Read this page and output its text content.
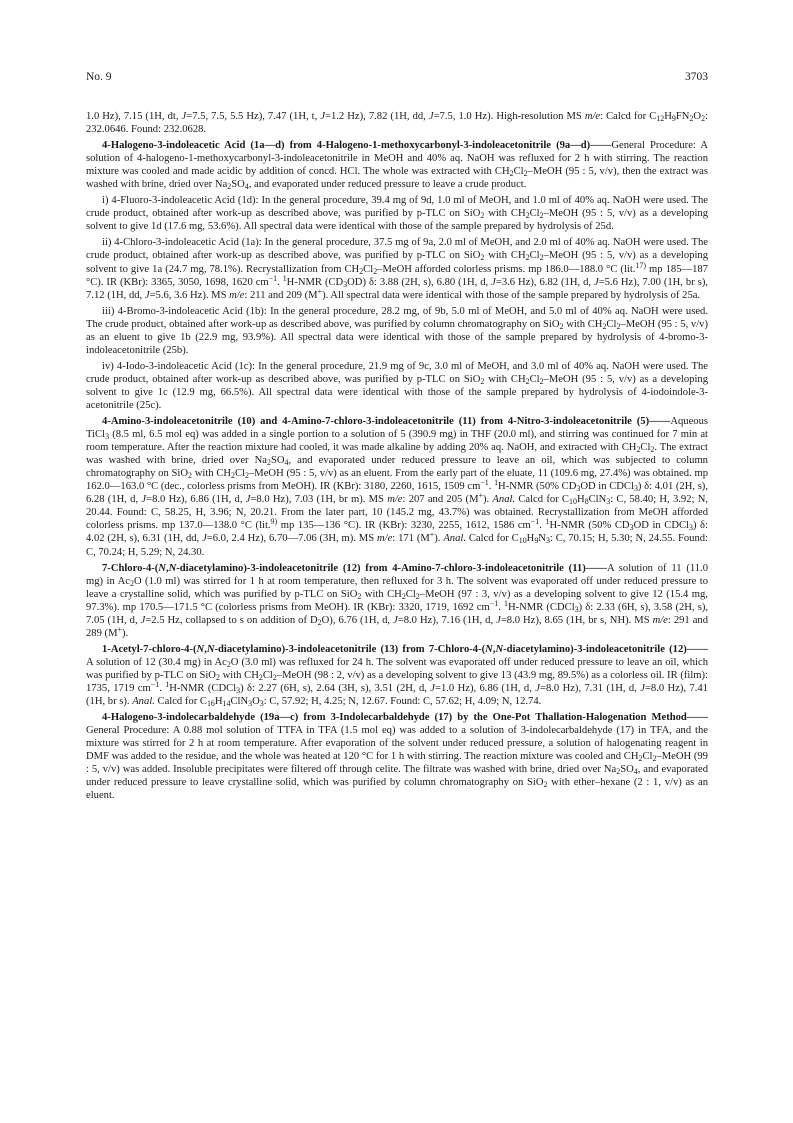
No. 9	3703

1.0 Hz), 7.15 (1H, dt, J=7.5, 7.5, 5.5 Hz), 7.47 (1H, t, J=1.2 Hz), 7.82 (1H, dd, J=7.5, 1.0 Hz). High-resolution MS m/e: Calcd for $C_{12}H_9FN_2O_2$: 232.0646. Found: 232.0628.

4-Halogeno-3-indoleacetic Acid (1a—d) from 4-Halogeno-1-methoxycarbonyl-3-indoleacetonitrile (9a—d)——General Procedure: A solution of 4-halogeno-1-methoxycarbonyl-3-indoleacetonitrile in MeOH and 40% aq. NaOH was refluxed for 2 h with stirring. The reaction mixture was cooled and made acidic by addition of concd. HCl. The whole was extracted with $CH_2Cl_2$–MeOH (95 : 5, v/v), then the extract was washed with brine, dried over $Na_2SO_4$, and evaporated under reduced pressure to leave a crude product.

i) 4-Fluoro-3-indoleacetic Acid (1d): In the general procedure, 39.4 mg of 9d, 1.0 ml of MeOH, and 1.0 ml of 40% aq. NaOH were used. The crude product, obtained after work-up as described above, was purified by p-TLC on SiO$_2$ with $CH_2Cl_2$–MeOH (95 : 5, v/v) as a developing solvent to give 1d (17.6 mg, 53.6%). All spectral data were identical with those of the sample prepared by hydrolysis of 25d.

ii) 4-Chloro-3-indoleacetic Acid (1a): In the general procedure, 37.5 mg of 9a, 2.0 ml of MeOH, and 2.0 ml of 40% aq. NaOH were used. The crude product, obtained after work-up as described above, was purified by p-TLC on SiO$_2$ with $CH_2Cl_2$–MeOH (95 : 5, v/v) as a developing solvent to give 1a (24.7 mg, 78.1%). Recrystallization from $CH_2Cl_2$–MeOH afforded colorless prisms. mp 186.0—188.0 °C (lit.$^{17)}$ mp 185—187 °C). IR (KBr): 3365, 3050, 1698, 1620 $cm^{-1}$. $^1$H-NMR $(CD_3OD)$ δ: 3.88 (2H, s), 6.80 (1H, d, J=3.6 Hz), 6.82 (1H, d, J=5.6 Hz), 7.00 (1H, br s), 7.12 (1H, dd, J=5.6, 3.6 Hz). MS m/e: 211 and 209 (M+). All spectral data were identical with those of the sample prepared by hydrolysis of 25a.

iii) 4-Bromo-3-indoleacetic Acid (1b): In the general procedure, 28.2 mg, of 9b, 5.0 ml of MeOH, and 5.0 ml of 40% aq. NaOH were used. The crude product, obtained after work-up as described above, was purified by column chromatography on SiO$_2$ with $CH_2Cl_2$–MeOH (95 : 5, v/v) as an eluent to give 1b (22.9 mg, 93.9%). All spectral data were identical with those of the sample prepared by hydrolysis of 4-bromo-3-indoleacetonitrile (25b).

iv) 4-Iodo-3-indoleacetic Acid (1c): In the general procedure, 21.9 mg of 9c, 3.0 ml of MeOH, and 3.0 ml of 40% aq. NaOH were used. The crude product, obtained after work-up as described above, was purified by p-TLC on SiO$_2$ with $CH_2Cl_2$–MeOH (95 : 5, v/v) as a developing solvent to give 1c (12.9 mg, 66.5%). All spectral data were identical with those of the sample prepared by hydrolysis of 4-iodoindole-3-acetonitrile (25c).

4-Amino-3-indoleacetonitrile (10) and 4-Amino-7-chloro-3-indoleacetonitrile (11) from 4-Nitro-3-indoleacetonitrile (5)——Aqueous TiCl$_3$ (8.5 ml, 6.5 mol eq) was added in a single portion to a solution of 5 (390.9 mg) in THF (20.0 ml), and stirring was continued for 7 min at room temperature. After the reaction mixture had cooled, it was made alkaline by adding 20% aq. NaOH, and extracted with $CH_2Cl_2$. The extract was washed with brine, dried over $Na_2SO_4$, and evaporated under reduced pressure to leave an oil, which was subjected to column chromatography on SiO$_2$ with $CH_2Cl_2$–MeOH (95 : 5, v/v) as an eluent. From the early part of the eluate, 11 (109.6 mg, 27.4%) was obtained. mp 162.0—163.0 °C (dec., colorless prisms from MeOH). IR (KBr): 3180, 2260, 1615, 1509 $cm^{-1}$. $^1$H-NMR (50% $CD_3OD$ in CDCl$_3$) δ: 4.01 (2H, s), 6.28 (1H, d, J=8.0 Hz), 6.86 (1H, d, J=8.0 Hz), 7.03 (1H, br m). MS m/e: 207 and 205 (M+). Anal. Calcd for $C_{10}H_8ClN_3$: C, 58.40; H, 3.92; N, 20.44. Found: C, 58.25, H, 3.96; N, 20.21. From the later part, 10 (145.2 mg, 43.7%) was obtained. Recrystallization from MeOH afforded colorless prisms. mp 137.0—138.0 °C (lit.$^{9)}$ mp 135—136 °C). IR (KBr): 3230, 2255, 1612, 1586 $cm^{-1}$. $^1$H-NMR (50% $CD_3OD$ in CDCl$_3$) δ: 4.02 (2H, s), 6.31 (1H, dd, J=6.0, 2.4 Hz), 6.70—7.06 (3H, m). MS m/e: 171 (M+). Anal. Calcd for $C_{10}H_9N_3$: C, 70.15; H, 5.30; N, 24.55. Found: C, 70.24; H, 5.29; N, 24.30.

7-Chloro-4-(N,N-diacetylamino)-3-indoleacetonitrile (12) from 4-Amino-7-chloro-3-indoleacetonitrile (11)——A solution of 11 (11.0 mg) in $Ac_2O$ (1.0 ml) was stirred for 1 h at room temperature, then refluxed for 3 h. The solvent was evaporated off under reduced pressure to leave a crystalline solid, which was purified by p-TLC on SiO$_2$ with $CH_2Cl_2$–MeOH (97 : 3, v/v) as a developing solvent to give 12 (15.4 mg, 97.3%). mp 170.5—171.5 °C (colorless prisms from MeOH). IR (KBr): 3320, 1719, 1692 $cm^{-1}$. $^1$H-NMR (CDCl$_3$) δ: 2.33 (6H, s), 3.58 (2H, s), 7.05 (1H, d, J=2.5 Hz, collapsed to s on addition of $D_2O$), 6.76 (1H, d, J=8.0 Hz), 7.16 (1H, d, J=8.0 Hz), 8.65 (1H, br s, NH). MS m/e: 291 and 289 (M+).

1-Acetyl-7-chloro-4-(N,N-diacetylamino)-3-indoleacetonitrile (13) from 7-Chloro-4-(N,N-diacetylamino)-3-indoleacetonitrile (12)——A solution of 12 (30.4 mg) in $Ac_2O$ (3.0 ml) was refluxed for 24 h. The solvent was evaporated off under reduced pressure to leave an oil, which was purified by p-TLC on SiO$_2$ with $CH_2Cl_2$–MeOH (98 : 2, v/v) as a developing solvent to give 13 (43.9 mg, 89.5%) as a colorless oil. IR (film): 1735, 1719 $cm^{-1}$. $^1$H-NMR (CDCl$_3$) δ: 2.27 (6H, s), 2.64 (3H, s), 3.51 (2H, d, J=1.0 Hz), 6.86 (1H, d, J=8.0 Hz), 7.31 (1H, d, J=8.0 Hz), 7.41 (1H, br s). Anal. Calcd for $C_{16}H_{14}ClN_3O_3$: C, 57.92; H, 4.25; N, 12.67. Found: C, 57.62; H, 4.09; N, 12.74.

4-Halogeno-3-indolecarbaldehyde (19a—c) from 3-Indolecarbaldehyde (17) by the One-Pot Thallation-Halogenation Method——General Procedure: A 0.88 mol solution of TTFA in TFA (1.5 mol eq) was added to a solution of 3-indolecarbaldehyde (17) in TFA, and the mixture was stirred for 2 h at room temperature. After evaporation of the solvent under reduced pressure, a solution of halogenating reagent in DMF was added to the residue, and the whole was heated at 120 °C for 1 h with stirring. The reaction mixture was cooled and $CH_2Cl_2$–MeOH (99 : 5, v/v) was added. Insoluble precipitates were filtered off through celite. The filtrate was washed with brine, dried over $Na_2SO_4$, and evaporated under reduced pressure to leave crystalline solid, which was purified by column chromatography on SiO$_2$ with ether–hexane (2 : 1, v/v) as an eluent.
